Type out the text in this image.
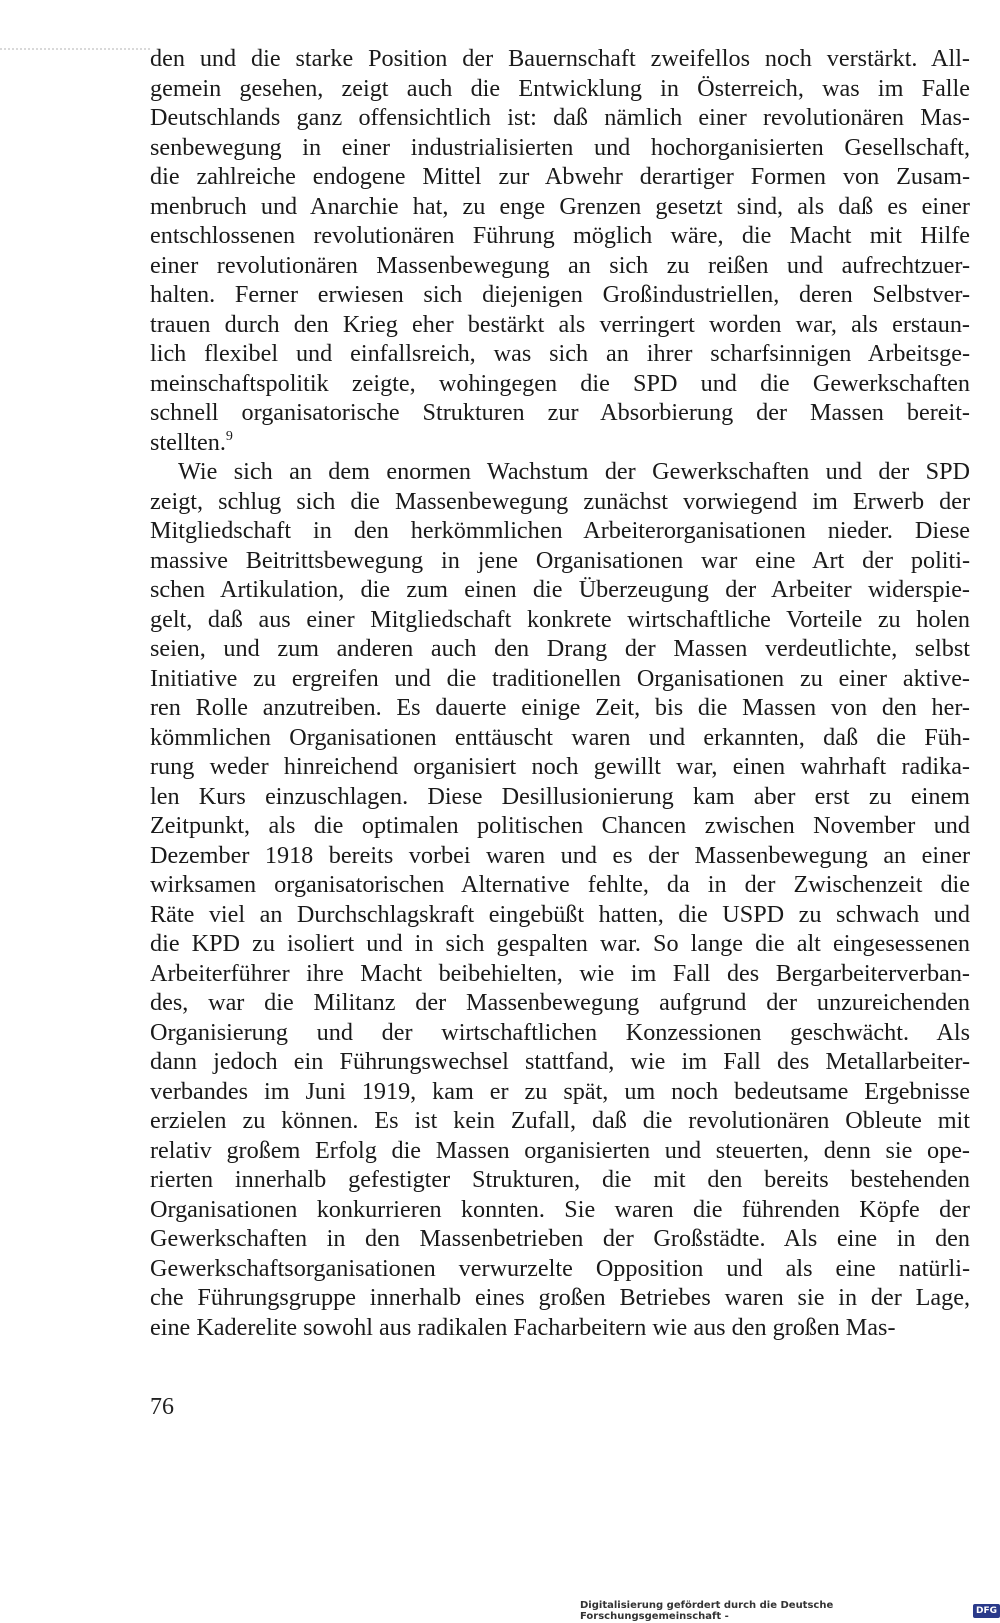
den und die starke Position der Bauernschaft zweifellos noch verstärkt. All-
gemein gesehen, zeigt auch die Entwicklung in Österreich, was im Falle
Deutschlands ganz offensichtlich ist: daß nämlich einer revolutionären Mas-
senbewegung in einer industrialisierten und hochorganisierten Gesellschaft,
die zahlreiche endogene Mittel zur Abwehr derartiger Formen von Zusam-
menbruch und Anarchie hat, zu enge Grenzen gesetzt sind, als daß es einer
entschlossenen revolutionären Führung möglich wäre, die Macht mit Hilfe
einer revolutionären Massenbewegung an sich zu reißen und aufrechtzuer-
halten. Ferner erwiesen sich diejenigen Großindustriellen, deren Selbstver-
trauen durch den Krieg eher bestärkt als verringert worden war, als erstaun-
lich flexibel und einfallsreich, was sich an ihrer scharfsinnigen Arbeitsge-
meinschaftspolitik zeigte, wohingegen die SPD und die Gewerkschaften
schnell organisatorische Strukturen zur Absorbierung der Massen bereit-
stellten.$^9$
Wie sich an dem enormen Wachstum der Gewerkschaften und der SPD
zeigt, schlug sich die Massenbewegung zunächst vorwiegend im Erwerb der
Mitgliedschaft in den herkömmlichen Arbeiterorganisationen nieder. Diese
massive Beitrittsbewegung in jene Organisationen war eine Art der politi-
schen Artikulation, die zum einen die Überzeugung der Arbeiter widerspie-
gelt, daß aus einer Mitgliedschaft konkrete wirtschaftliche Vorteile zu holen
seien, und zum anderen auch den Drang der Massen verdeutlichte, selbst
Initiative zu ergreifen und die traditionellen Organisationen zu einer aktive-
ren Rolle anzutreiben. Es dauerte einige Zeit, bis die Massen von den her-
kömmlichen Organisationen enttäuscht waren und erkannten, daß die Füh-
rung weder hinreichend organisiert noch gewillt war, einen wahrhaft radika-
len Kurs einzuschlagen. Diese Desillusionierung kam aber erst zu einem
Zeitpunkt, als die optimalen politischen Chancen zwischen November und
Dezember 1918 bereits vorbei waren und es der Massenbewegung an einer
wirksamen organisatorischen Alternative fehlte, da in der Zwischenzeit die
Räte viel an Durchschlagskraft eingebüßt hatten, die USPD zu schwach und
die KPD zu isoliert und in sich gespalten war. So lange die alt eingesessenen
Arbeiterführer ihre Macht beibehielten, wie im Fall des Bergarbeiterverban-
des, war die Militanz der Massenbewegung aufgrund der unzureichenden
Organisierung und der wirtschaftlichen Konzessionen geschwächt. Als
dann jedoch ein Führungswechsel stattfand, wie im Fall des Metallarbeiter-
verbandes im Juni 1919, kam er zu spät, um noch bedeutsame Ergebnisse
erzielen zu können. Es ist kein Zufall, daß die revolutionären Obleute mit
relativ großem Erfolg die Massen organisierten und steuerten, denn sie ope-
rierten innerhalb gefestigter Strukturen, die mit den bereits bestehenden
Organisationen konkurrieren konnten. Sie waren die führenden Köpfe der
Gewerkschaften in den Massenbetrieben der Großstädte. Als eine in den
Gewerkschaftsorganisationen verwurzelte Opposition und als eine natürli-
che Führungsgruppe innerhalb eines großen Betriebes waren sie in der Lage,
eine Kaderelite sowohl aus radikalen Facharbeitern wie aus den großen Mas-
76
Digitalisierung gefördert durch die Deutsche Forschungsgemeinschaft -	DFG
